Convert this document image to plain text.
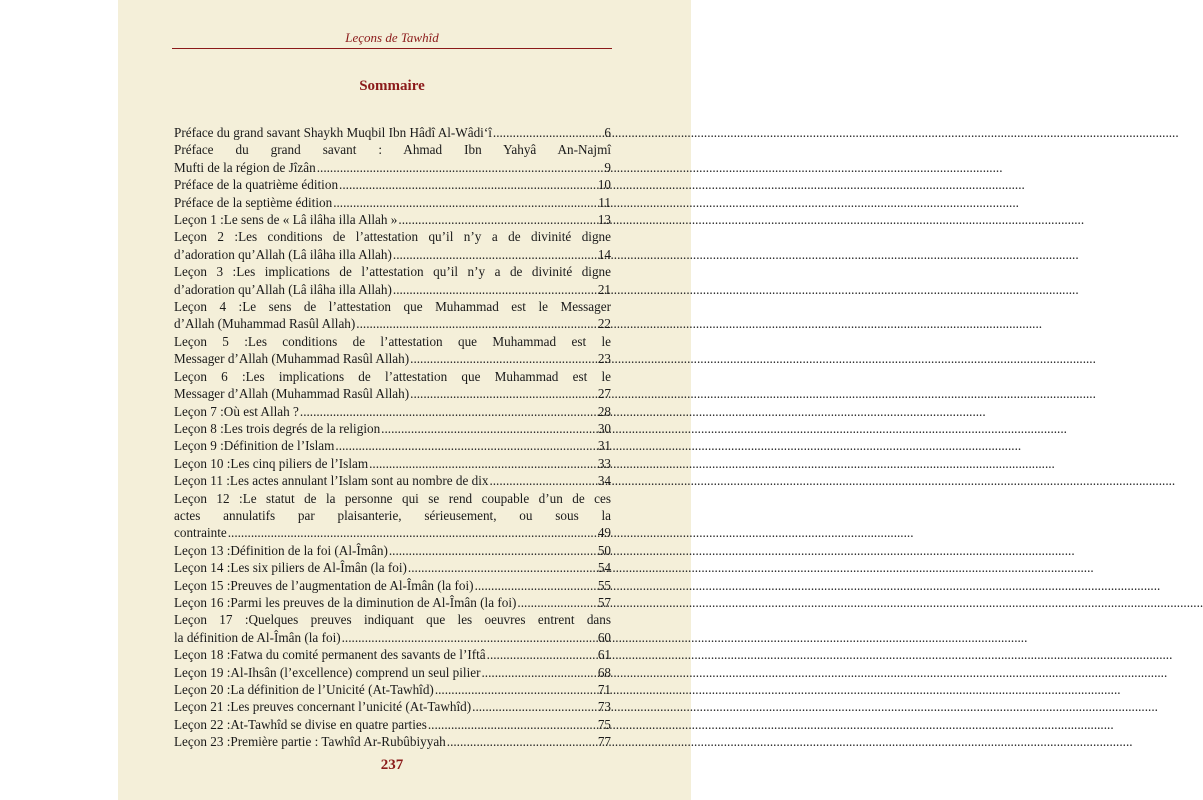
Leçons de Tawhîd
Sommaire
Préface du grand savant Shaykh Muqbil Ibn Hâdî Al-Wâdi‘î .....	6
Préface du grand savant : Ahmad Ibn Yahyâ An-Najmî
Mufti de la région de Jîzân .....	9
Préface de la quatrième édition .....	10
Préface de la septième édition .....	11
Leçon 1 :Le sens de « Lâ ilâha illa Allah » .....	13
Leçon 2 :Les conditions de l’attestation qu’il n’y a de divinité digne
d’adoration qu’Allah (Lâ ilâha illa Allah) .....	14
Leçon 3 :Les implications de l’attestation qu’il n’y a de divinité digne
d’adoration qu’Allah (Lâ ilâha illa Allah) .....	21
Leçon 4 :Le sens de l’attestation que Muhammad est le Messager
d’Allah (Muhammad Rasûl Allah) .....	22
Leçon 5 :Les conditions de l’attestation que Muhammad est le
Messager d’Allah (Muhammad Rasûl Allah) .....	23
Leçon 6 :Les implications de l’attestation que Muhammad est le
Messager d’Allah (Muhammad Rasûl Allah) .....	27
Leçon 7 :Où est Allah ? .....	28
Leçon 8 :Les trois degrés de la religion .....	30
Leçon 9 :Définition de l’Islam .....	31
Leçon 10 :Les cinq piliers de l’Islam .....	33
Leçon 11 :Les actes annulant l’Islam sont au nombre de dix .....	34
Leçon 12 :Le statut de la personne qui se rend coupable d’un de ces
actes annulatifs par plaisanterie, sérieusement, ou sous la
contrainte .....	49
Leçon 13 :Définition de la foi (Al-Îmân) .....	50
Leçon 14 :Les six piliers de Al-Îmân (la foi) .....	54
Leçon 15 :Preuves de l’augmentation de Al-Îmân (la foi) .....	55
Leçon 16 :Parmi les preuves de la diminution de Al-Îmân (la foi) .....	57
Leçon 17 :Quelques preuves indiquant que les oeuvres entrent dans
la définition de Al-Îmân (la foi) .....	60
Leçon 18 :Fatwa du comité permanent des savants de l’Iftâ .....	61
Leçon 19 :Al-Ihsân (l’excellence) comprend un seul pilier .....	68
Leçon 20 :La définition de l’Unicité (At-Tawhîd) .....	71
Leçon 21 :Les preuves concernant l’unicité (At-Tawhîd) .....	73
Leçon 22 :At-Tawhîd se divise en quatre parties .....	75
Leçon 23 :Première partie : Tawhîd Ar-Rubûbiyyah .....	77
237
